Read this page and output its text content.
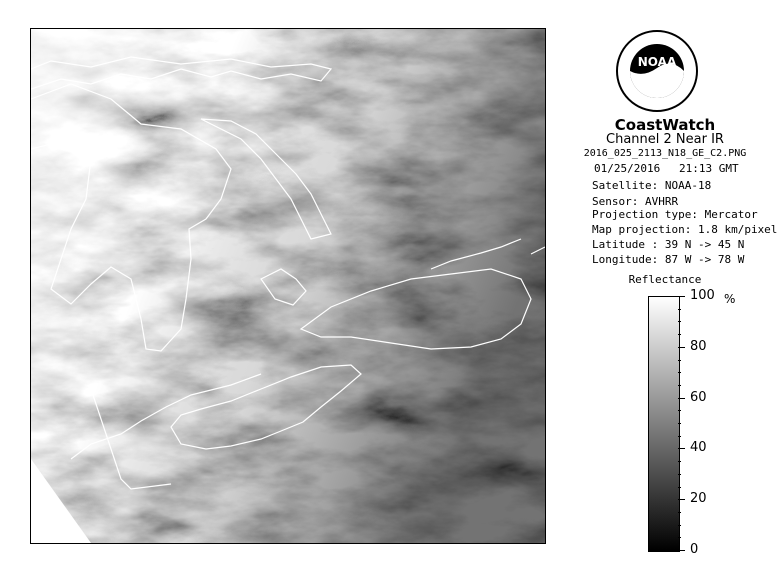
NOAA
CoastWatch
Channel 2 Near IR
2016_025_2113_N18_GE_C2.PNG
01/25/2016 21:13 GMT
Satellite: NOAA-18
Sensor: AVHRR
Projection type: Mercator
Map projection: 1.8 km/pixel
Latitude : 39 N -> 45 N
Longitude: 87 W -> 78 W
Reflectance
100
80
60
40
20
0
%
